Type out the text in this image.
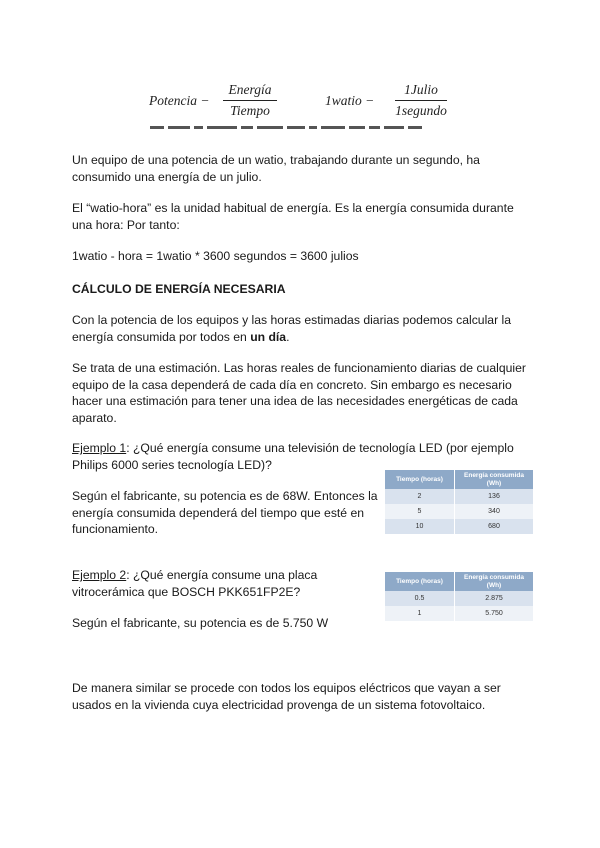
Potencia −
Energía
Tiempo
1watio −
1Julio
1segundo

Un equipo de una potencia de un watio, trabajando durante un segundo, ha
consumido una energía de un julio.

El “watio-hora” es la unidad habitual de energía. Es la energía consumida durante
una hora: Por tanto:

1watio - hora = 1watio * 3600 segundos = 3600 julios

CÁLCULO DE ENERGÍA NECESARIA

Con la potencia de los equipos y las horas estimadas diarias podemos calcular la
energía consumida por todos en un día.

Se trata de una estimación. Las horas reales de funcionamiento diarias de cualquier
equipo de la casa dependerá de cada día en concreto. Sin embargo es necesario
hacer una estimación para tener una idea de las necesidades energéticas de cada
aparato.

Ejemplo 1: ¿Qué energía consume una televisión de tecnología LED (por ejemplo
Philips 6000 series tecnología LED)?

Según el fabricante, su potencia es de 68W. Entonces la
energía consumida dependerá del tiempo que esté en
funcionamiento.

Tiempo (horas)	Energía consumida (Wh)
2	136
5	340
10	680

Ejemplo 2: ¿Qué energía consume una placa
vitrocerámica que BOSCH PKK651FP2E?

Según el fabricante, su potencia es de 5.750 W

Tiempo (horas)	Energía consumida (Wh)
0.5	2.875
1	5.750

De manera similar se procede con todos los equipos eléctricos que vayan a ser
usados en la vivienda cuya electricidad provenga de un sistema fotovoltaico.
